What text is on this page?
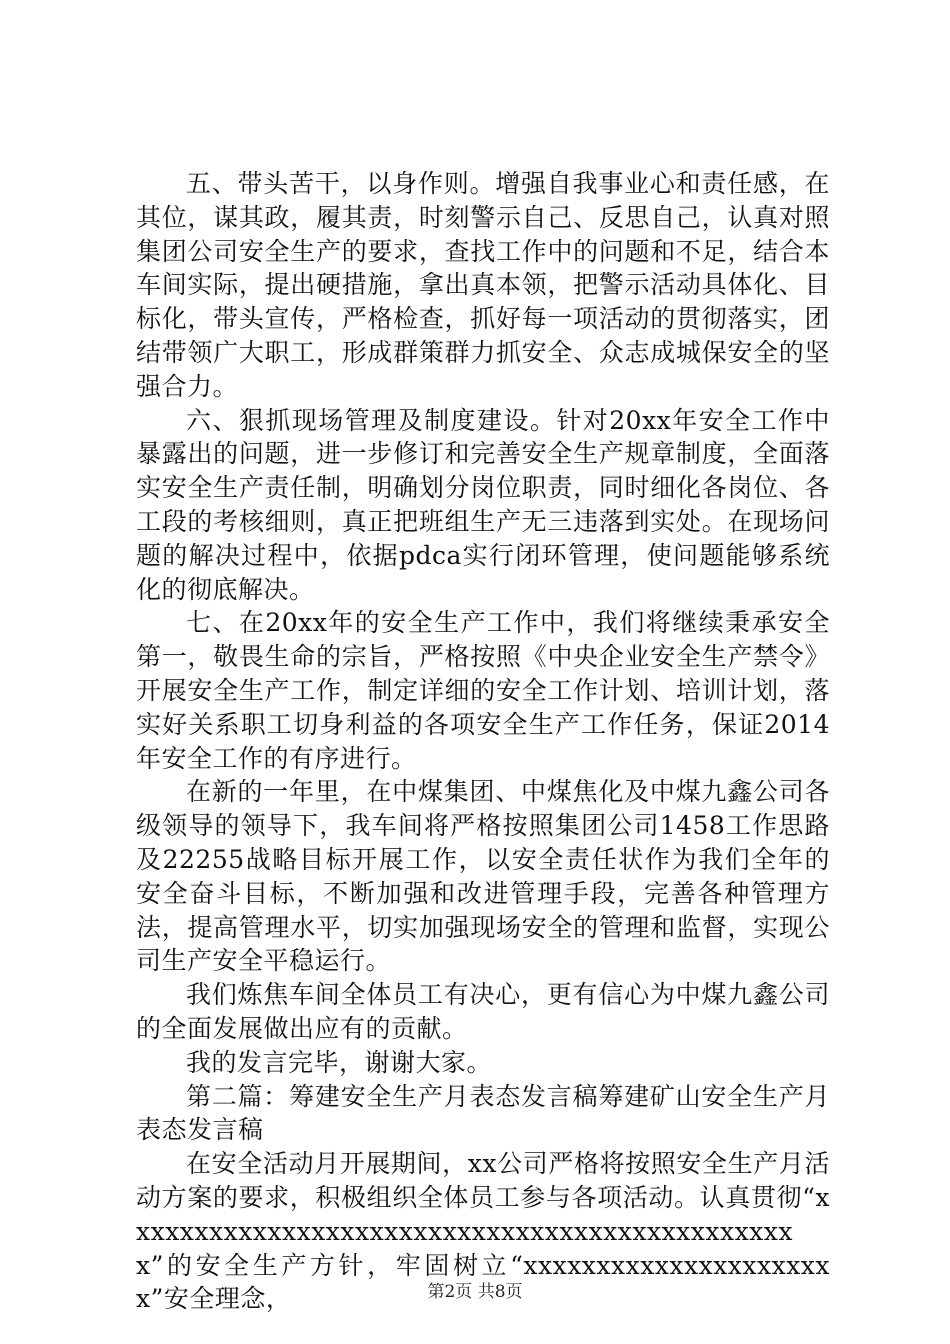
五、带头苦干，以身作则。增强自我事业心和责任感，在其位，谋其政，履其责，时刻警示自己、反思自己，认真对照集团公司安全生产的要求，查找工作中的问题和不足，结合本车间实际，提出硬措施，拿出真本领，把警示活动具体化、目标化，带头宣传，严格检查，抓好每一项活动的贯彻落实，团结带领广大职工，形成群策群力抓安全、众志成城保安全的坚强合力。

六、狠抓现场管理及制度建设。针对20xx年安全工作中暴露出的问题，进一步修订和完善安全生产规章制度，全面落实安全生产责任制，明确划分岗位职责，同时细化各岗位、各工段的考核细则，真正把班组生产无三违落到实处。在现场问题的解决过程中，依据pdca实行闭环管理，使问题能够系统化的彻底解决。

七、在20xx年的安全生产工作中，我们将继续秉承安全第一，敬畏生命的宗旨，严格按照《中央企业安全生产禁令》开展安全生产工作，制定详细的安全工作计划、培训计划，落实好关系职工切身利益的各项安全生产工作任务，保证2014年安全工作的有序进行。

在新的一年里，在中煤集团、中煤焦化及中煤九鑫公司各级领导的领导下，我车间将严格按照集团公司1458工作思路及22255战略目标开展工作，以安全责任状作为我们全年的安全奋斗目标，不断加强和改进管理手段，完善各种管理方法，提高管理水平，切实加强现场安全的管理和监督，实现公司生产安全平稳运行。

我们炼焦车间全体员工有决心，更有信心为中煤九鑫公司的全面发展做出应有的贡献。

我的发言完毕，谢谢大家。

第二篇：筹建安全生产月表态发言稿筹建矿山安全生产月表态发言稿

在安全活动月开展期间，xx公司严格将按照安全生产月活动方案的要求，积极组织全体员工参与各项活动。认真贯彻“xxxxxxxxxxxxxxxxxxxxxxxxxxxxxxxxxxxxxxxxxxxxxxx”的安全生产方针，牢固树立“xxxxxxxxxxxxxxxxxxxxxx”安全理念，	第2页 共8页
